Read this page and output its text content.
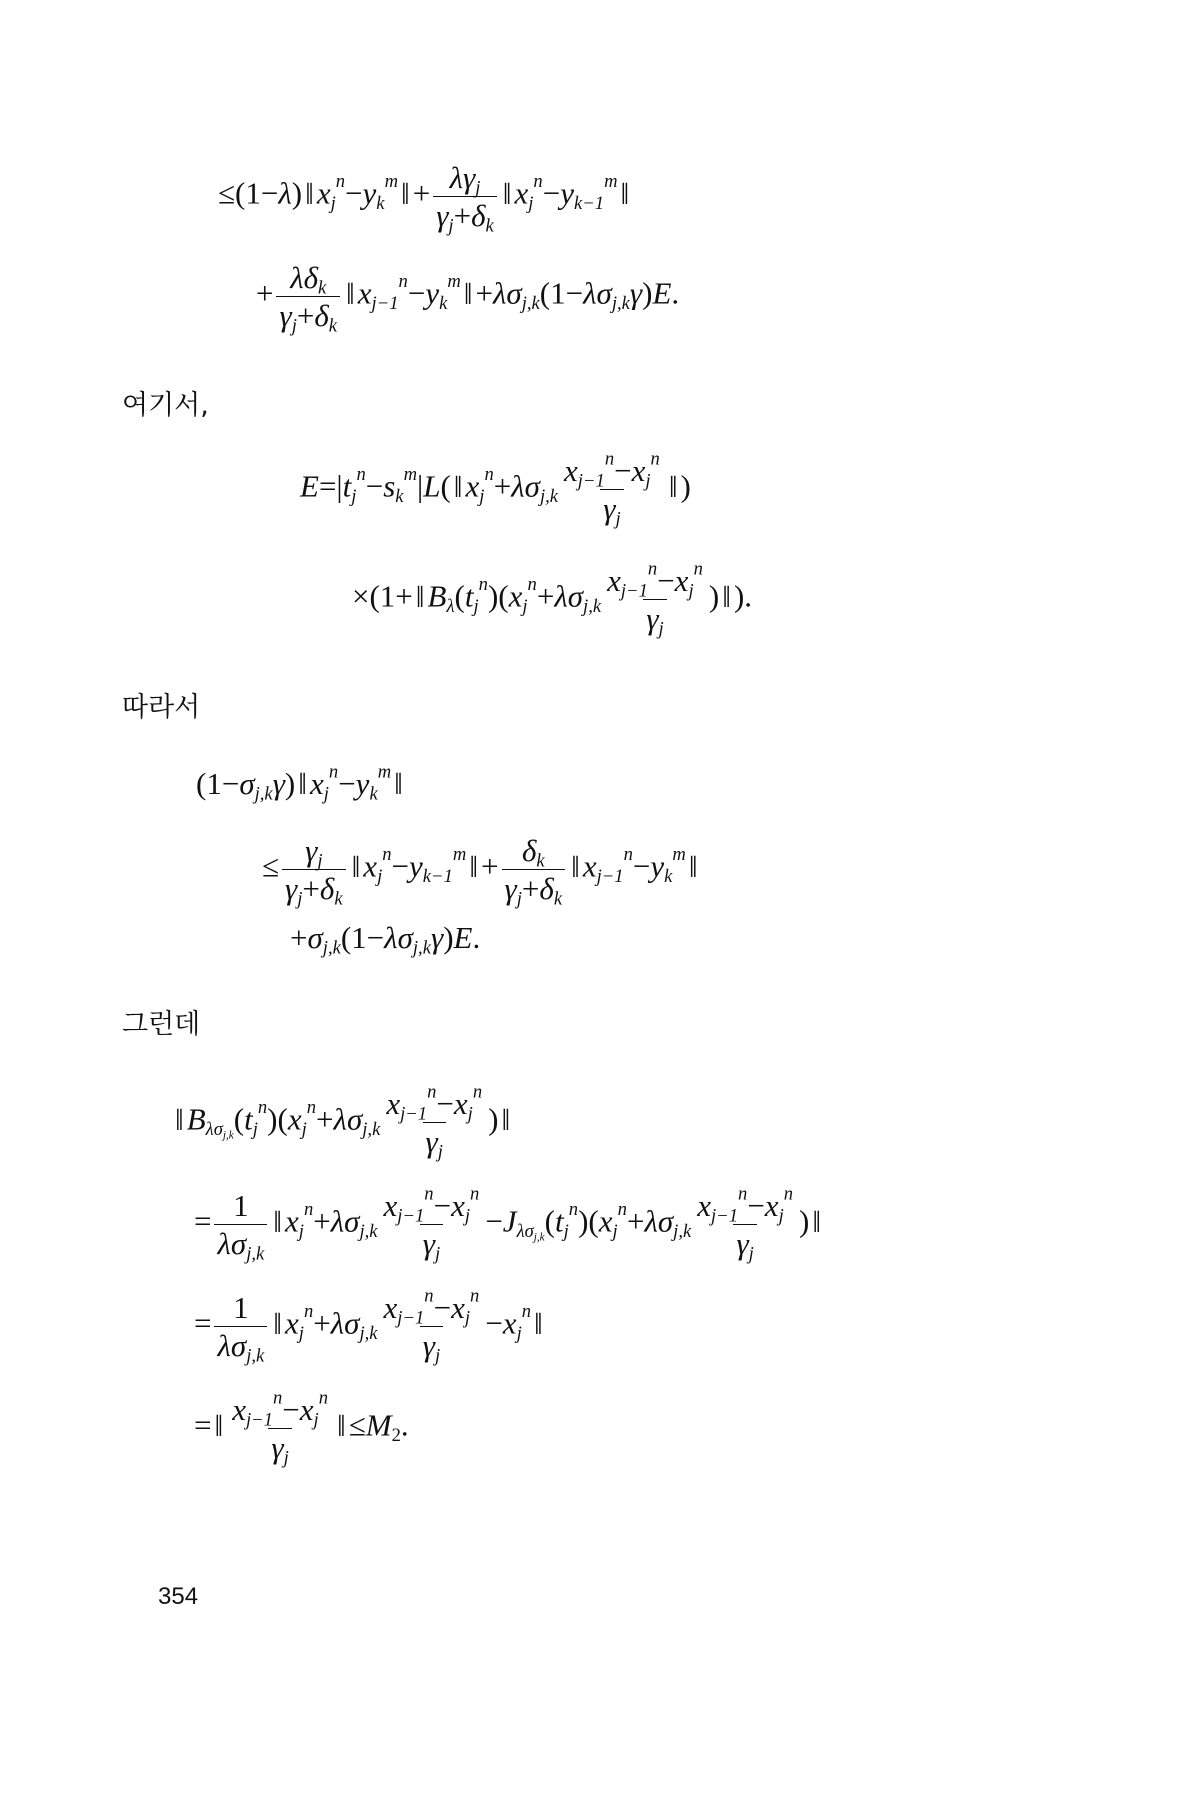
$\le(1-\lambda)‖x_j^n-y_k^m‖+ \frac{\lambda\gamma_j}{\gamma_j+\delta_k}$ $‖x_j^n-y_{k-1}^m‖$
+ $\frac{\lambda\delta_k}{\gamma_j+\delta_k}$ $‖x_{j-1}^n-y_k^m‖+\lambda\sigma_{j,k}(1-\lambda\sigma_{j,k}\gamma)E$.
여기서,
$E=|t_j^n-s_k^m|L(‖x_j^n+\lambda\sigma_{j,k} \frac{x_{j-1}^n-x_j^n}{\gamma_j}$ ‖)
$\times(1+‖B_\lambda(t_j^n)(x_j^n+\lambda\sigma_{j,k} \frac{x_{j-1}^n-x_j^n}{\gamma_j}$ )‖).
따라서
$(1-\sigma_{j,k}\gamma)‖x_j^n-y_k^m‖$
≤ $\frac{\gamma_j}{\gamma_j+\delta_k}$ $‖x_j^n-y_{k-1}^m‖+ \frac{\delta_k}{\gamma_j+\delta_k}$ $‖x_{j-1}^n-y_k^m‖$
$+\sigma_{j,k}(1-\lambda\sigma_{j,k}\gamma)E$.
그런데
$‖B_{\lambda\sigma_{j,k}}(t_j^n)(x_j^n+\lambda\sigma_{j,k} \frac{x_{j-1}^n-x_j^n}{\gamma_j}$ )‖
= $\frac{1}{\lambda\sigma_{j,k}}$ $‖x_j^n+\lambda\sigma_{j,k} \frac{x_{j-1}^n-x_j^n}{\gamma_j} -J_{\lambda\sigma_{j,k}}(t_j^n)(x_j^n+\lambda\sigma_{j,k} \frac{x_{j-1}^n-x_j^n}{\gamma_j}$ )‖
= $\frac{1}{\lambda\sigma_{j,k}}$ $‖x_j^n+\lambda\sigma_{j,k} \frac{x_{j-1}^n-x_j^n}{\gamma_j}$ $-x_j^n‖$
=‖ $\frac{x_{j-1}^n-x_j^n}{\gamma_j}$ $‖\le M_2$.
354
